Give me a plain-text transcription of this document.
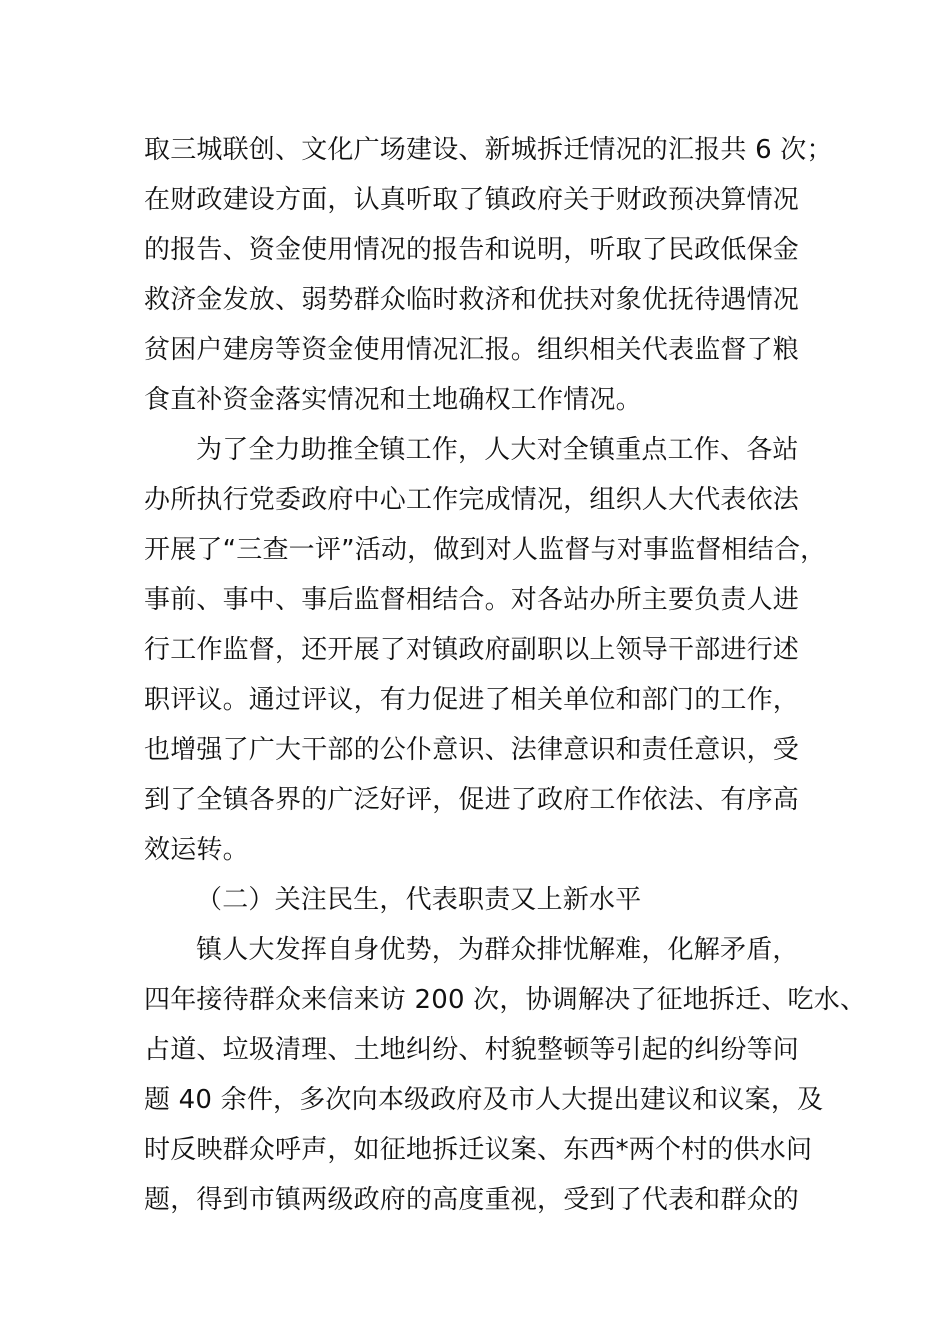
取三城联创、文化广场建设、新城拆迁情况的汇报共 6 次；
在财政建设方面，认真听取了镇政府关于财政预决算情况
的报告、资金使用情况的报告和说明，听取了民政低保金
救济金发放、弱势群众临时救济和优扶对象优抚待遇情况
贫困户建房等资金使用情况汇报。组织相关代表监督了粮
食直补资金落实情况和土地确权工作情况。
为了全力助推全镇工作，人大对全镇重点工作、各站
办所执行党委政府中心工作完成情况，组织人大代表依法
开展了“三查一评”活动，做到对人监督与对事监督相结合，
事前、事中、事后监督相结合。对各站办所主要负责人进
行工作监督，还开展了对镇政府副职以上领导干部进行述
职评议。通过评议，有力促进了相关单位和部门的工作，
也增强了广大干部的公仆意识、法律意识和责任意识，受
到了全镇各界的广泛好评，促进了政府工作依法、有序高
效运转。
（二）关注民生，代表职责又上新水平
镇人大发挥自身优势，为群众排忧解难，化解矛盾，
四年接待群众来信来访 200 次，协调解决了征地拆迁、吃水、
占道、垃圾清理、土地纠纷、村貌整顿等引起的纠纷等问
题 40 余件，多次向本级政府及市人大提出建议和议案，及
时反映群众呼声，如征地拆迁议案、东西*两个村的供水问
题，得到市镇两级政府的高度重视，受到了代表和群众的
